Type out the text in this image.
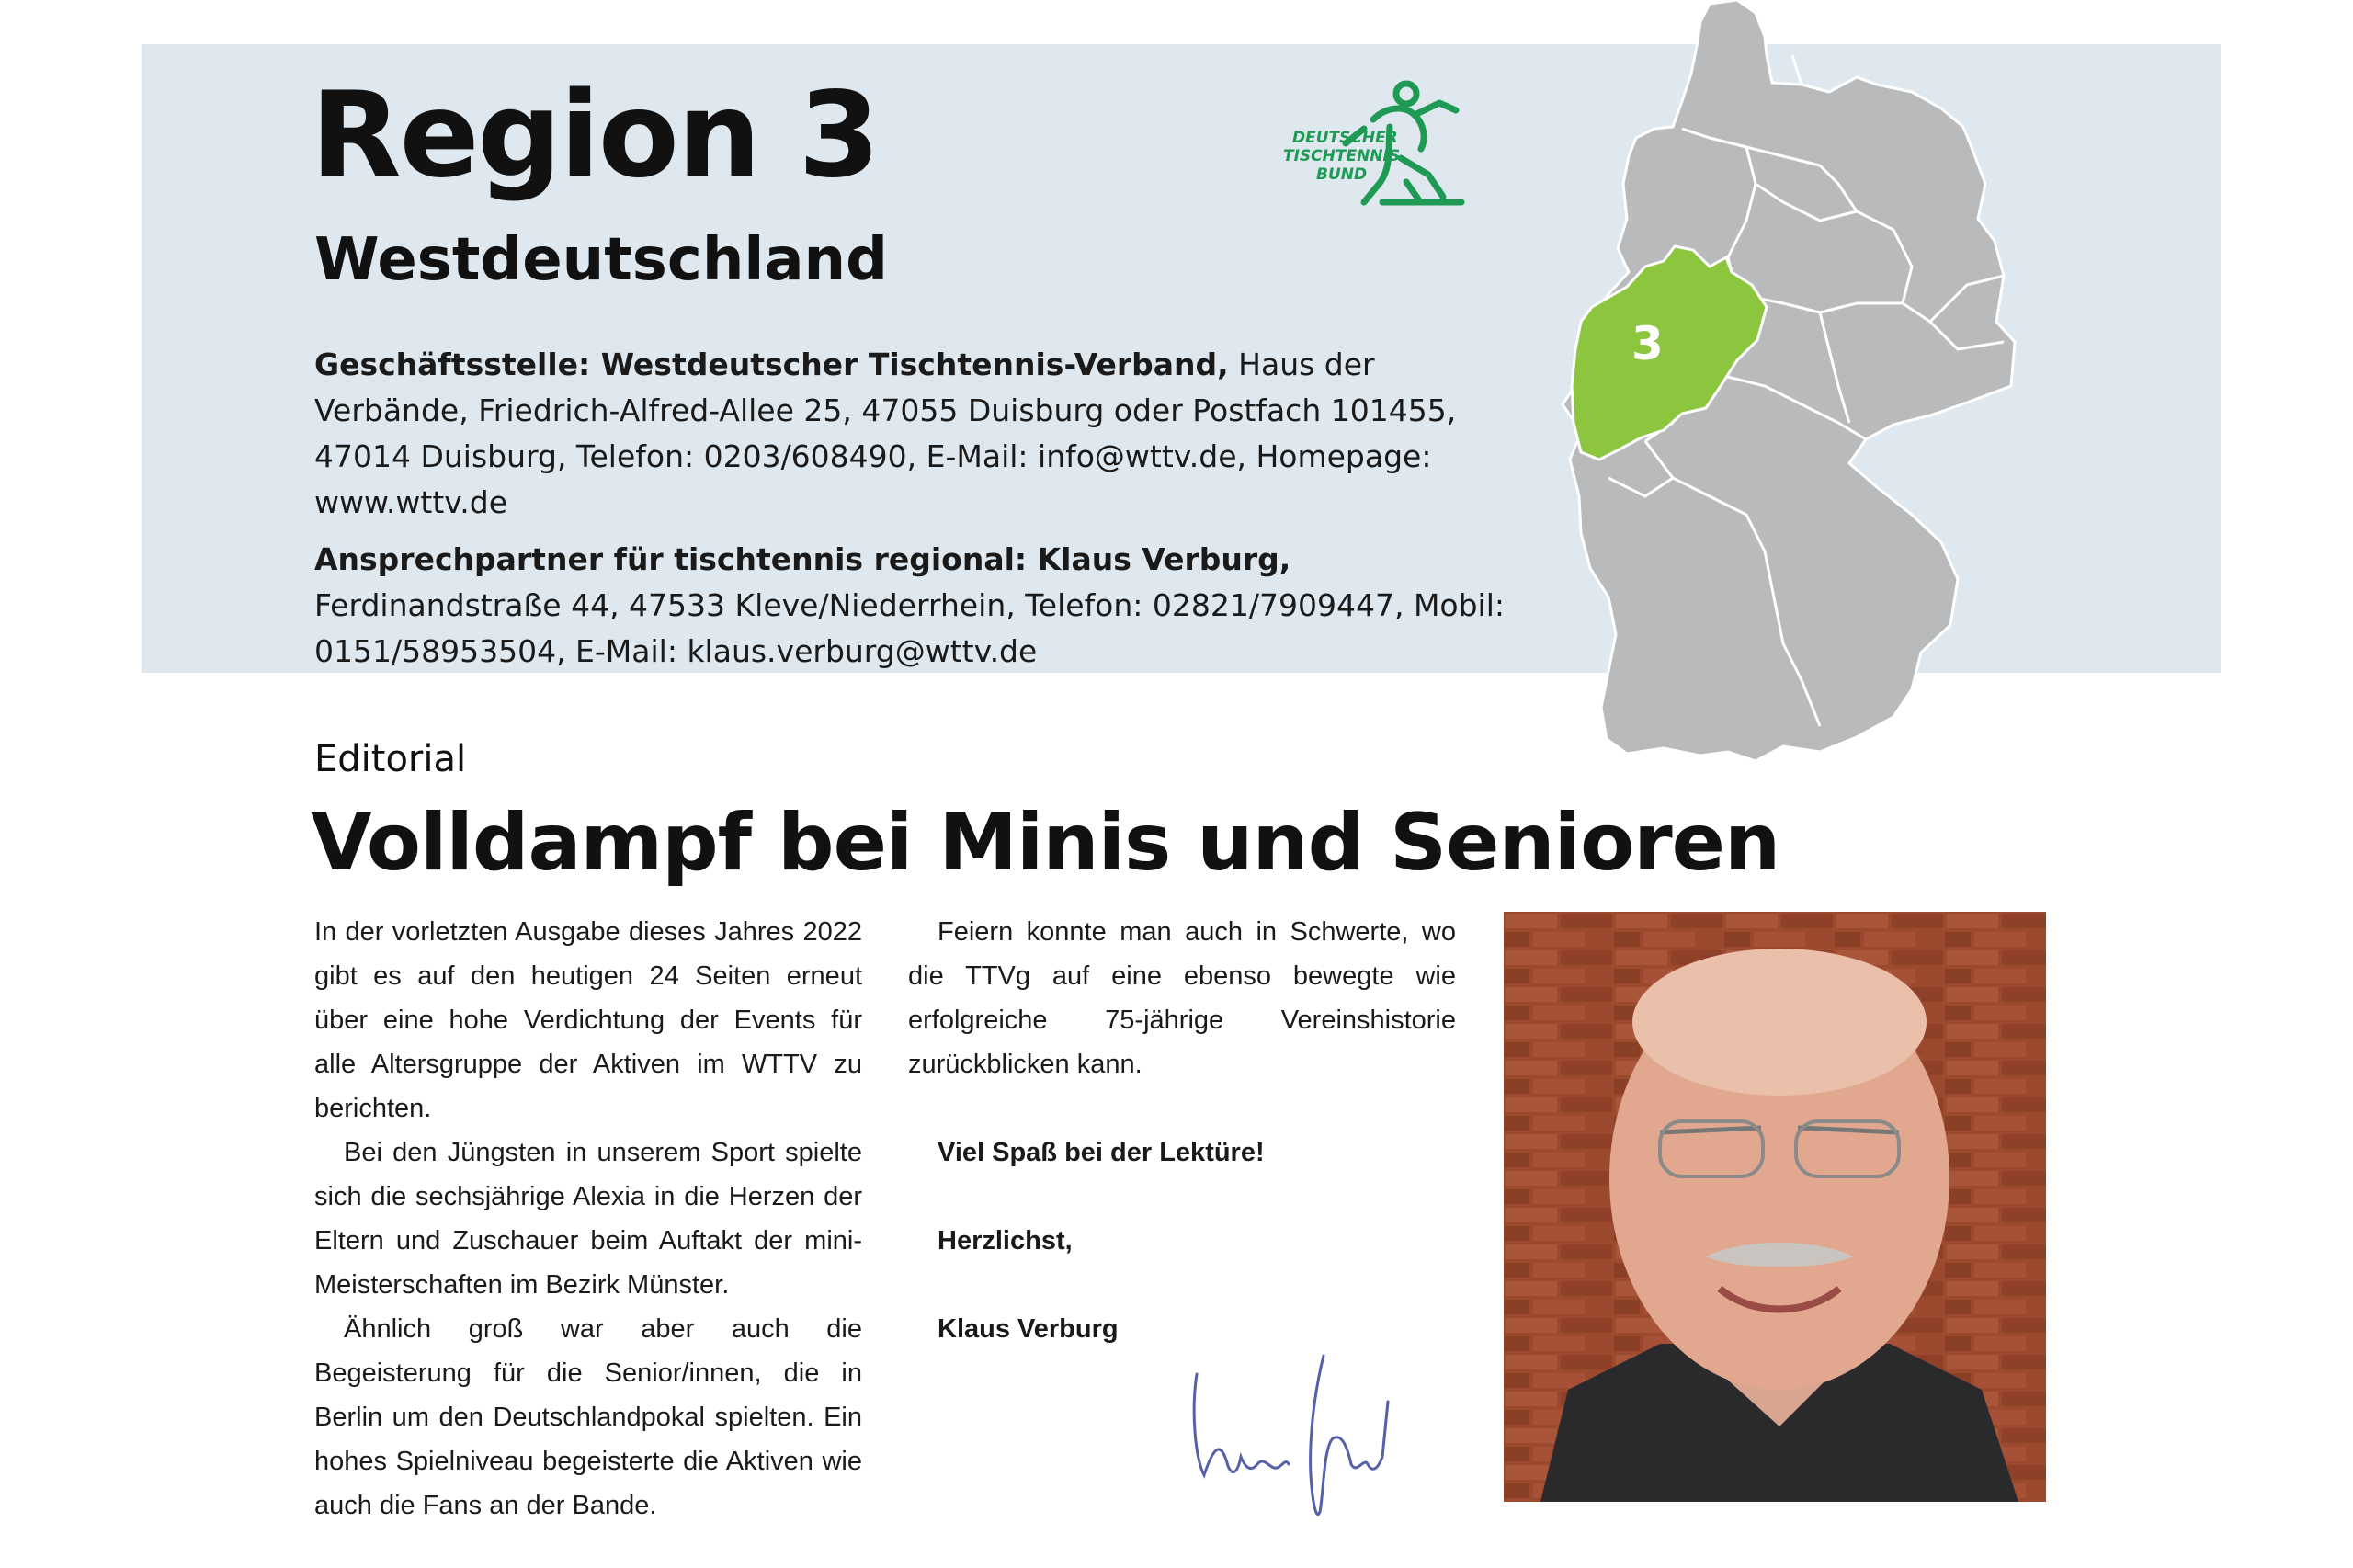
Region 3
Westdeutschland
DEUTSCHER
TISCHTENNIS
BUND
3

Geschäftsstelle: Westdeutscher Tischtennis-Verband, Haus der Verbände, Friedrich-Alfred-Allee 25, 47055 Duisburg oder Postfach 101455, 47014 Duisburg, Telefon: 0203/608490, E-Mail: info@wttv.de, Homepage: www.wttv.de

Ansprechpartner für tischtennis regional: Klaus Verburg, Ferdinandstraße 44, 47533 Kleve/Niederrhein, Telefon: 02821/7909447, Mobil: 0151/58953504, E-Mail: klaus.verburg@wttv.de

Editorial
Volldampf bei Minis und Senioren

In der vorletzten Ausgabe dieses Jahres 2022 gibt es auf den heutigen 24 Seiten erneut über eine hohe Verdichtung der Events für alle Altersgruppe der Aktiven im WTTV zu berichten.

Bei den Jüngsten in unserem Sport spielte sich die sechsjährige Alexia in die Herzen der Eltern und Zuschauer beim Auftakt der mini-Meisterschaften im Bezirk Münster.

Ähnlich groß war aber auch die Begeisterung für die Senior/innen, die in Berlin um den Deutschlandpokal spielten. Ein hohes Spielniveau begeisterte die Aktiven wie auch die Fans an der Bande.

Feiern konnte man auch in Schwerte, wo die TTVg auf eine ebenso bewegte wie erfolgreiche 75-jährige Vereinshistorie zurückblicken kann.

Viel Spaß bei der Lektüre!

Herzlichst,

Klaus Verburg
